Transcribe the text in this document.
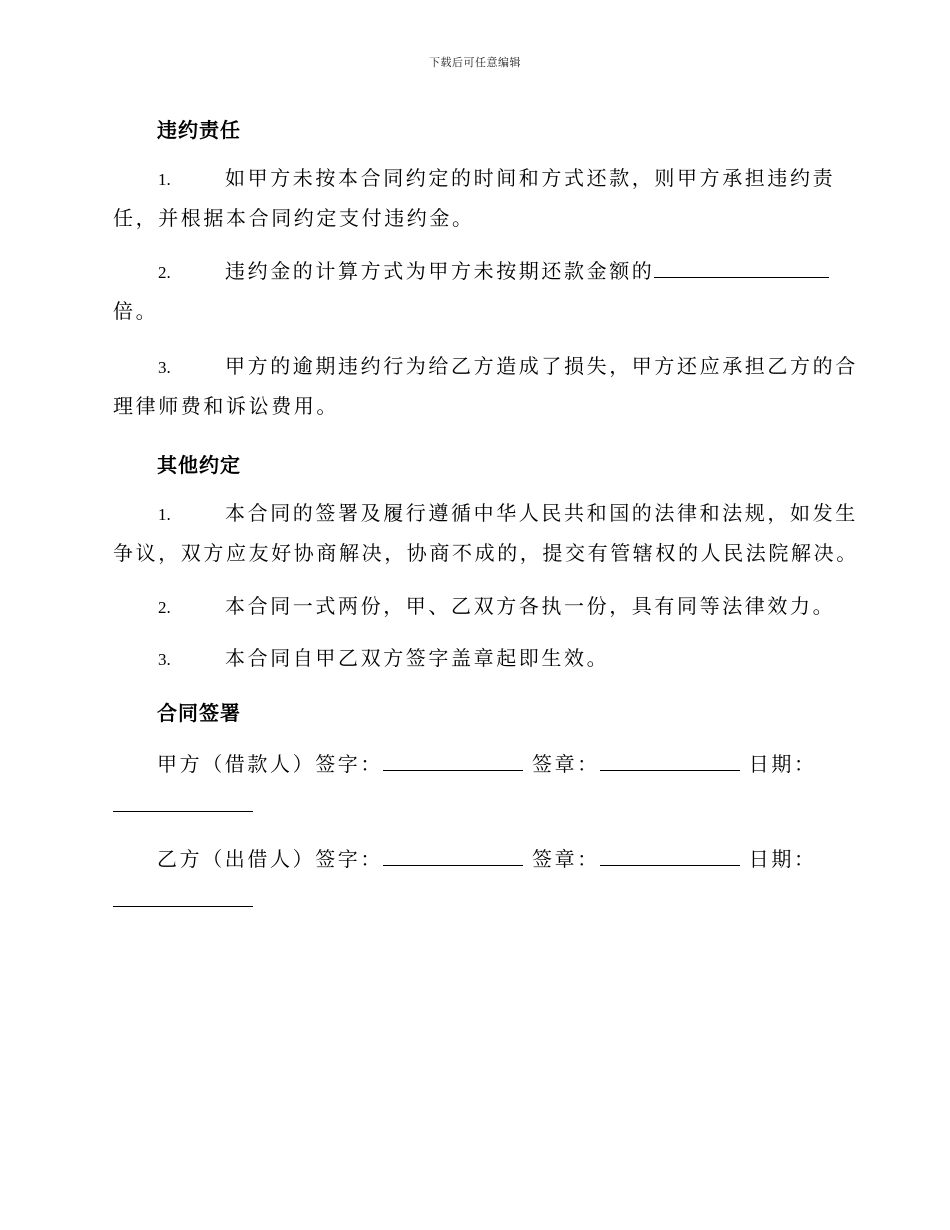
下载后可任意编辑
违约责任
1.	如甲方未按本合同约定的时间和方式还款，则甲方承担违约责
任，并根据本合同约定支付违约金。
2.	违约金的计算方式为甲方未按期还款金额的
倍。
3.	甲方的逾期违约行为给乙方造成了损失，甲方还应承担乙方的合
理律师费和诉讼费用。
其他约定
1.	本合同的签署及履行遵循中华人民共和国的法律和法规，如发生
争议，双方应友好协商解决，协商不成的，提交有管辖权的人民法院解决。
2.	本合同一式两份，甲、乙双方各执一份，具有同等法律效力。
3.	本合同自甲乙双方签字盖章起即生效。
合同签署
甲方（借款人）签字：	签章：	日期：
乙方（出借人）签字：	签章：	日期：
